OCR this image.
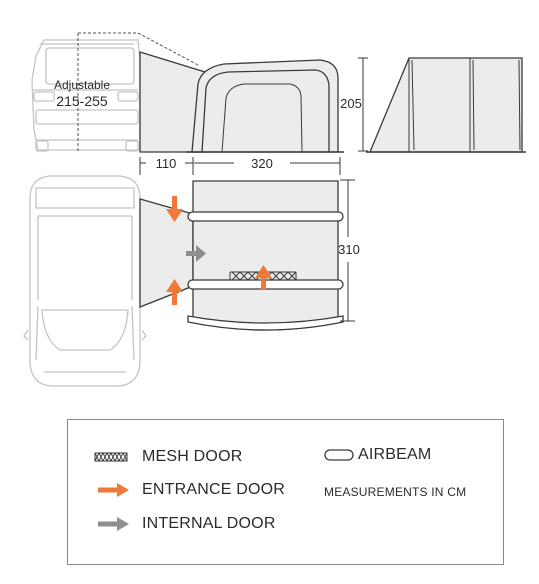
Adjustable
215-255	205
110	320
310
MESH DOOR
ENTRANCE DOOR
INTERNAL DOOR
AIRBEAM
MEASUREMENTS IN CM
